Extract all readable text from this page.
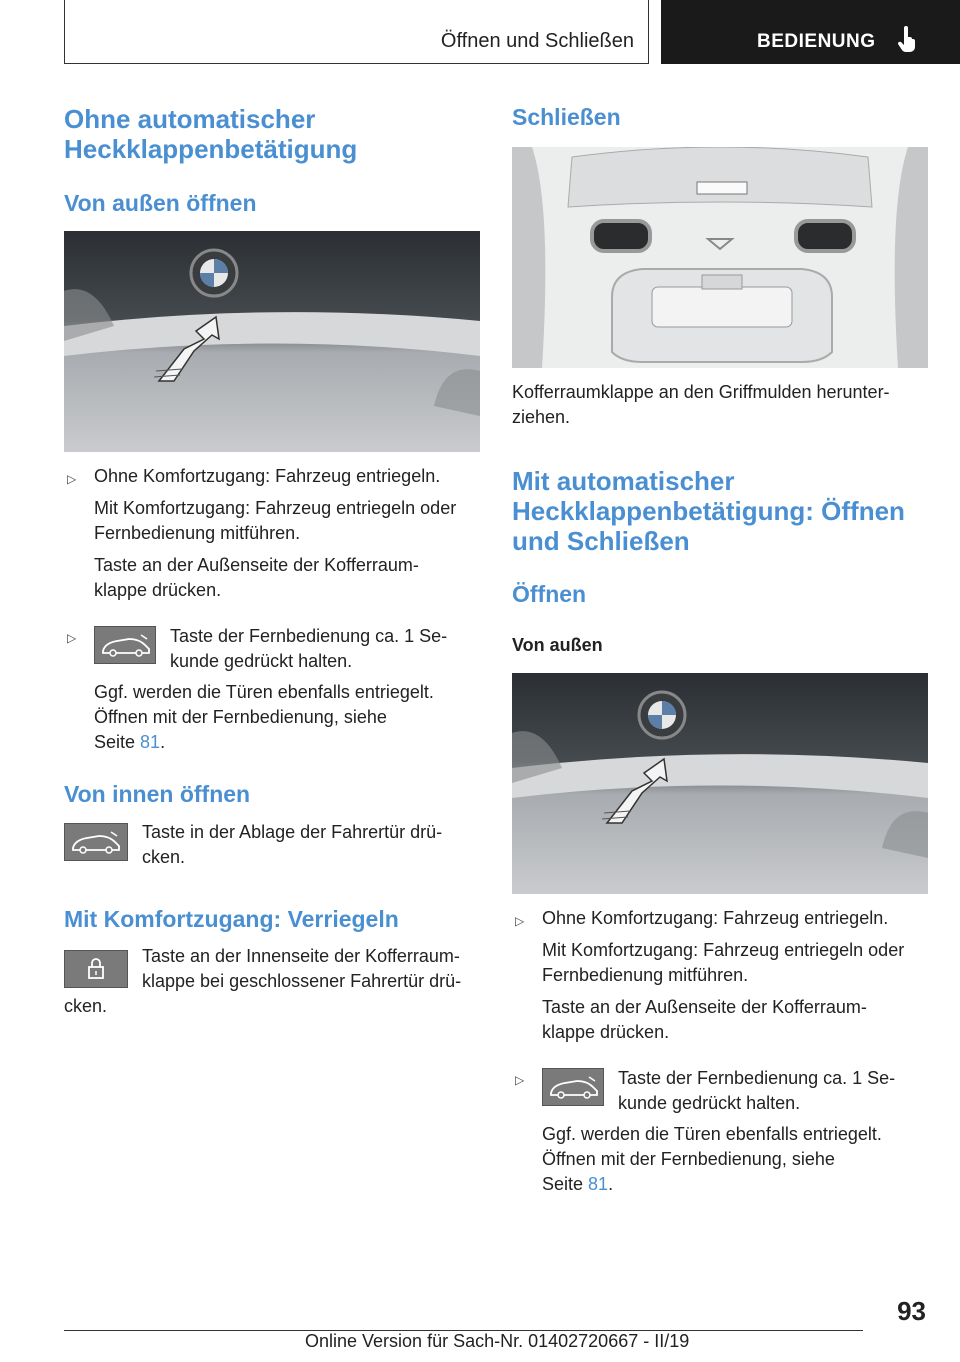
Öffnen und Schließen	BEDIENUNG
Ohne automatischer
Heckklappenbetätigung
Von außen öffnen
▷ Ohne Komfortzugang: Fahrzeug entriegeln.
Mit Komfortzugang: Fahrzeug entriegeln oder
Fernbedienung mitführen.
Taste an der Außenseite der Kofferraum-
klappe drücken.
▷	Taste der Fernbedienung ca. 1 Se-
kunde gedrückt halten.
Ggf. werden die Türen ebenfalls entriegelt.
Öffnen mit der Fernbedienung, siehe
Seite 81.
Von innen öffnen
Taste in der Ablage der Fahrertür drü-
cken.
Mit Komfortzugang: Verriegeln
Taste an der Innenseite der Kofferraum-
klappe bei geschlossener Fahrertür drü-
cken.
Schließen
Kofferraumklappe an den Griffmulden herunter-
ziehen.
Mit automatischer
Heckklappenbetätigung: Öffnen
und Schließen
Öffnen
Von außen
▷ Ohne Komfortzugang: Fahrzeug entriegeln.
Mit Komfortzugang: Fahrzeug entriegeln oder
Fernbedienung mitführen.
Taste an der Außenseite der Kofferraum-
klappe drücken.
▷	Taste der Fernbedienung ca. 1 Se-
kunde gedrückt halten.
Ggf. werden die Türen ebenfalls entriegelt.
Öffnen mit der Fernbedienung, siehe
Seite 81.
93
Online Version für Sach-Nr. 01402720667 - II/19
